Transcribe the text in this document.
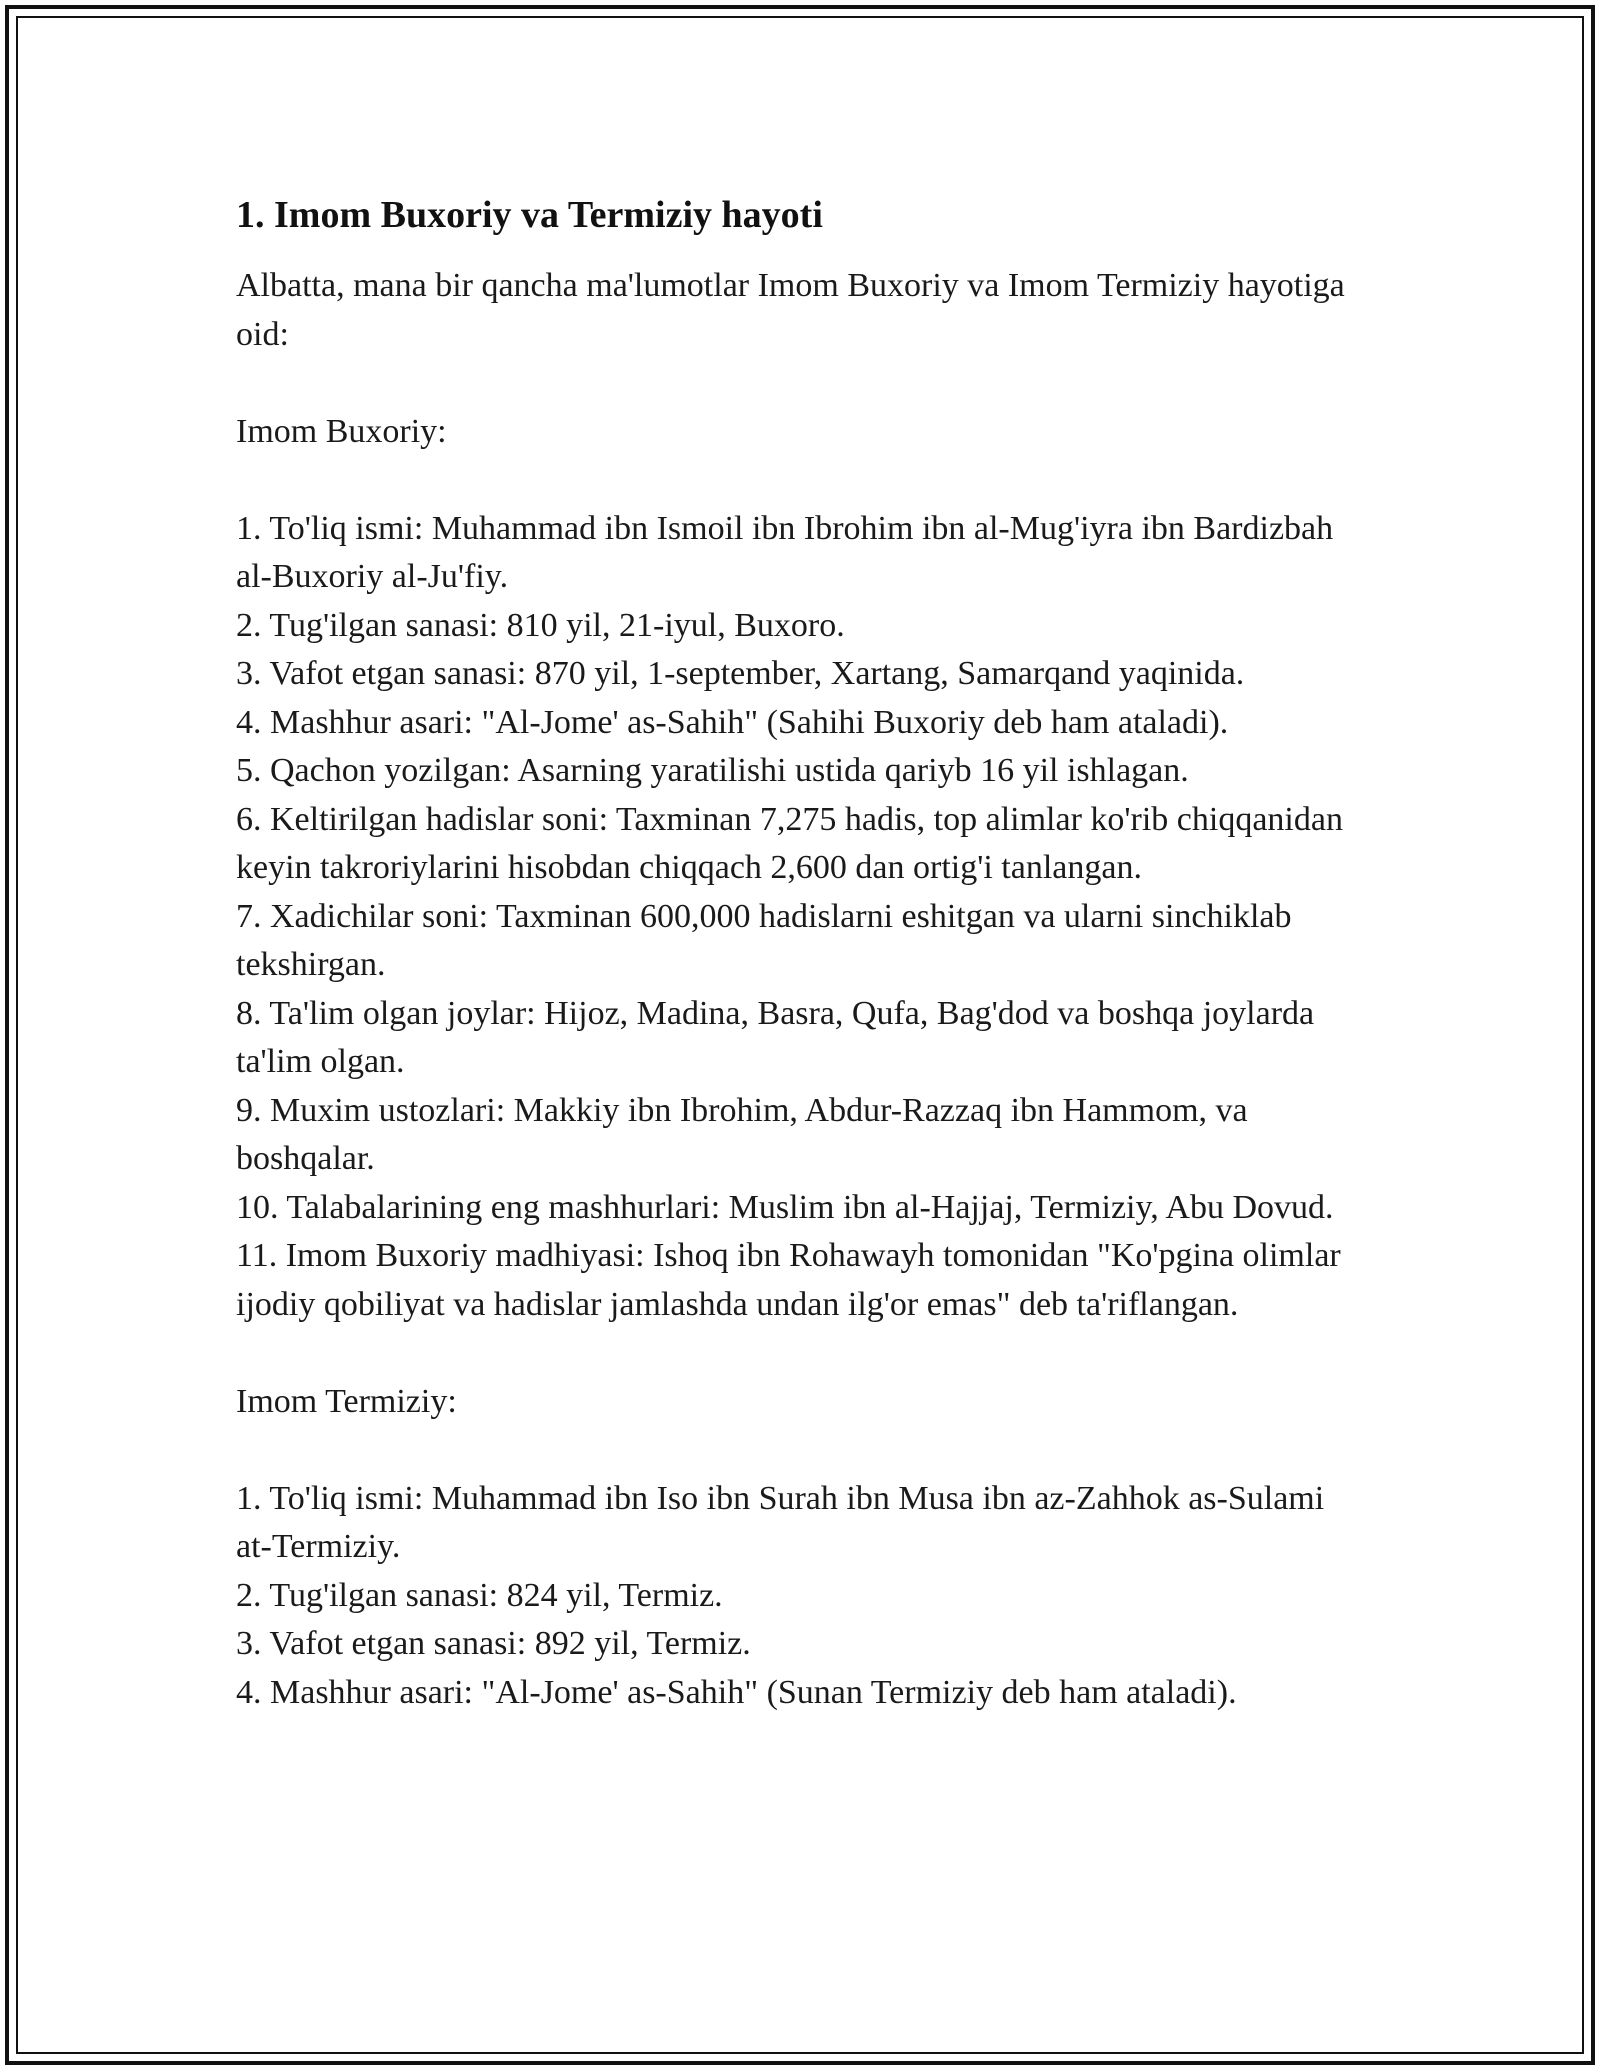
1. Imom Buxoriy va Termiziy hayoti

Albatta, mana bir qancha ma'lumotlar Imom Buxoriy va Imom Termiziy hayotiga oid:

Imom Buxoriy:

1. To'liq ismi: Muhammad ibn Ismoil ibn Ibrohim ibn al-Mug'iyra ibn Bardizbah al-Buxoriy al-Ju'fiy.
2. Tug'ilgan sanasi: 810 yil, 21-iyul, Buxoro.
3. Vafot etgan sanasi: 870 yil, 1-september, Xartang, Samarqand yaqinida.
4. Mashhur asari: "Al-Jome' as-Sahih" (Sahihi Buxoriy deb ham ataladi).
5. Qachon yozilgan: Asarning yaratilishi ustida qariyb 16 yil ishlagan.
6. Keltirilgan hadislar soni: Taxminan 7,275 hadis, top alimlar ko'rib chiqqanidan keyin takroriylarini hisobdan chiqqach 2,600 dan ortig'i tanlangan.
7. Xadichilar soni: Taxminan 600,000 hadislarni eshitgan va ularni sinchiklab tekshirgan.
8. Ta'lim olgan joylar: Hijoz, Madina, Basra, Qufa, Bag'dod va boshqa joylarda ta'lim olgan.
9. Muxim ustozlari: Makkiy ibn Ibrohim, Abdur-Razzaq ibn Hammom, va boshqalar.
10. Talabalarining eng mashhurlari: Muslim ibn al-Hajjaj, Termiziy, Abu Dovud.
11. Imom Buxoriy madhiyasi: Ishoq ibn Rohawayh tomonidan "Ko'pgina olimlar ijodiy qobiliyat va hadislar jamlashda undan ilg'or emas" deb ta'riflangan.

Imom Termiziy:

1. To'liq ismi: Muhammad ibn Iso ibn Surah ibn Musa ibn az-Zahhok as-Sulami at-Termiziy.
2. Tug'ilgan sanasi: 824 yil, Termiz.
3. Vafot etgan sanasi: 892 yil, Termiz.
4. Mashhur asari: "Al-Jome' as-Sahih" (Sunan Termiziy deb ham ataladi).
